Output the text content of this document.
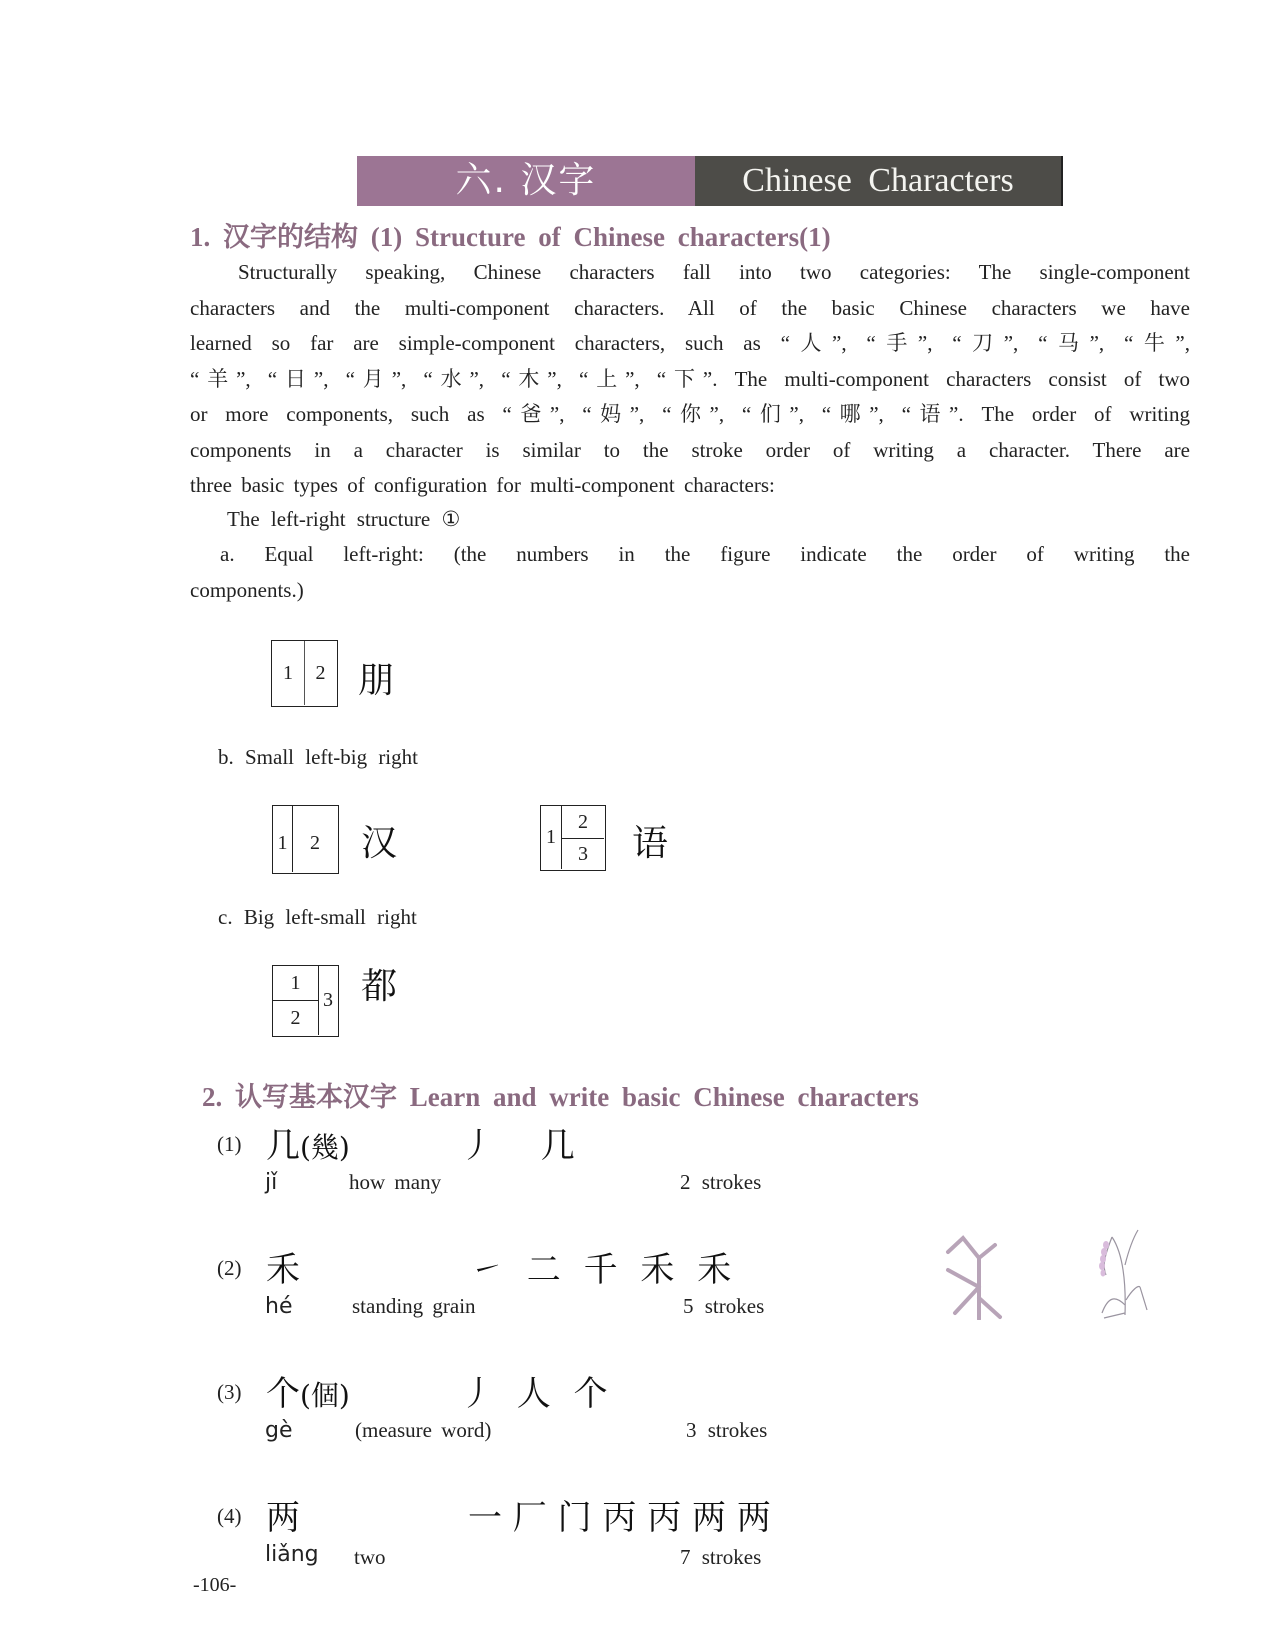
六. 汉字	Chinese Characters
1. 汉字的结构 (1) Structure of Chinese characters(1)
Structurally speaking, Chinese characters fall into two categories: The single-component
characters and the multi-component characters. All of the basic Chinese characters we have
learned so far are simple-component characters, such as “人”, “手”, “刀”, “马”, “牛”,
“羊”, “日”, “月”, “水”, “木”, “上”, “下”. The multi-component characters consist of two
or more components, such as “爸”, “妈”, “你”, “们”, “哪”, “语”. The order of writing
components in a character is similar to the stroke order of writing a character. There are
three basic types of configuration for multi-component characters:
The left-right structure ①
a. Equal left-right: (the numbers in the figure indicate the order of writing the
components.)
1	2 朋
b. Small left-big right
1	2	汉	1
2
3	语
c. Big left-small right
1
2
3 都
2. 认写基本汉字 Learn and write basic Chinese characters
(1) 几(幾)	丿 几
jǐ	how many	2 strokes
(2) 禾	㇀ 二 千 禾 禾
hé	standing grain	5 strokes
(3) 个(個)	丿 人 个
gè	(measure word)	3 strokes
(4) 两	一 厂 门 丙 丙 两 两
liǎng two	7 strokes
-106-
